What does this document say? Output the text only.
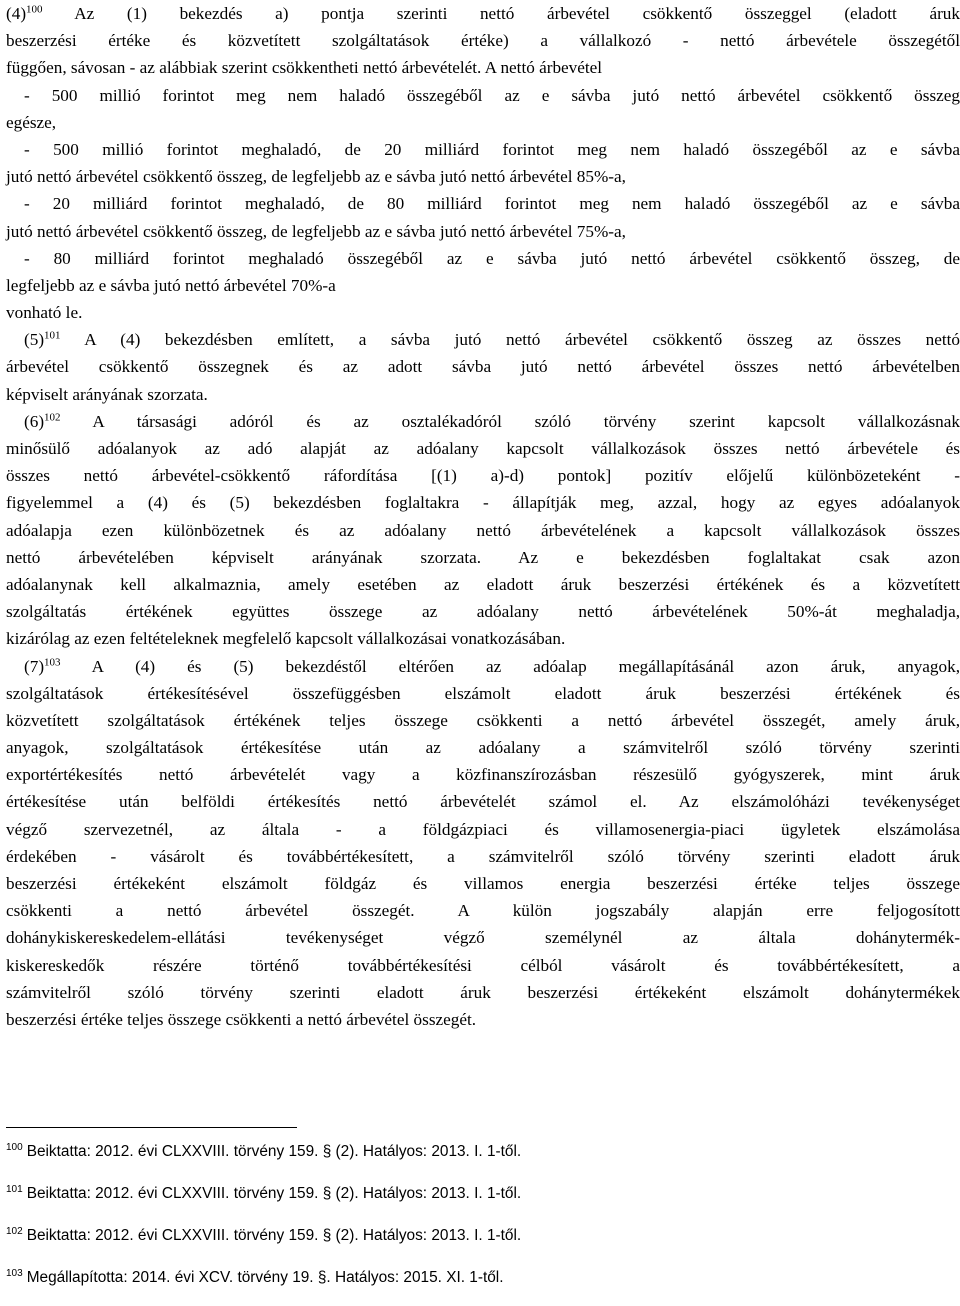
$(4)^{100}$ Az (1) bekezdés a) pontja szerinti nettó árbevétel csökkentő összeggel (eladott áruk
beszerzési értéke és közvetített szolgáltatások értéke) a vállalkozó - nettó árbevétele összegétől
függően, sávosan - az alábbiak szerint csökkentheti nettó árbevételét. A nettó árbevétel
- 500 millió forintot meg nem haladó összegéből az e sávba jutó nettó árbevétel csökkentő összeg
egésze,
- 500 millió forintot meghaladó, de 20 milliárd forintot meg nem haladó összegéből az e sávba
jutó nettó árbevétel csökkentő összeg, de legfeljebb az e sávba jutó nettó árbevétel 85%-a,
- 20 milliárd forintot meghaladó, de 80 milliárd forintot meg nem haladó összegéből az e sávba
jutó nettó árbevétel csökkentő összeg, de legfeljebb az e sávba jutó nettó árbevétel 75%-a,
- 80 milliárd forintot meghaladó összegéből az e sávba jutó nettó árbevétel csökkentő összeg, de
legfeljebb az e sávba jutó nettó árbevétel 70%-a
vonható le.
$(5)^{101}$ A (4) bekezdésben említett, a sávba jutó nettó árbevétel csökkentő összeg az összes nettó
árbevétel csökkentő összegnek és az adott sávba jutó nettó árbevétel összes nettó árbevételben
képviselt arányának szorzata.
$(6)^{102}$ A társasági adóról és az osztalékadóról szóló törvény szerint kapcsolt vállalkozásnak
minősülő adóalanyok az adó alapját az adóalany kapcsolt vállalkozások összes nettó árbevétele és
összes nettó árbevétel-csökkentő ráfordítása [(1) a)-d) pontok] pozitív előjelű különbözeteként -
figyelemmel a (4) és (5) bekezdésben foglaltakra - állapítják meg, azzal, hogy az egyes adóalanyok
adóalapja ezen különbözetnek és az adóalany nettó árbevételének a kapcsolt vállalkozások összes
nettó árbevételében képviselt arányának szorzata. Az e bekezdésben foglaltakat csak azon
adóalanynak kell alkalmaznia, amely esetében az eladott áruk beszerzési értékének és a közvetített
szolgáltatás értékének együttes összege az adóalany nettó árbevételének 50%-át meghaladja,
kizárólag az ezen feltételeknek megfelelő kapcsolt vállalkozásai vonatkozásában.
$(7)^{103}$ A (4) és (5) bekezdéstől eltérően az adóalap megállapításánál azon áruk, anyagok,
szolgáltatások értékesítésével összefüggésben elszámolt eladott áruk beszerzési értékének és
közvetített szolgáltatások értékének teljes összege csökkenti a nettó árbevétel összegét, amely áruk,
anyagok, szolgáltatások értékesítése után az adóalany a számvitelről szóló törvény szerinti
exportértékesítés nettó árbevételét vagy a közfinanszírozásban részesülő gyógyszerek, mint áruk
értékesítése után belföldi értékesítés nettó árbevételét számol el. Az elszámolóházi tevékenységet
végző szervezetnél, az általa - a földgázpiaci és villamosenergia-piaci ügyletek elszámolása
érdekében - vásárolt és továbbértékesített, a számvitelről szóló törvény szerinti eladott áruk
beszerzési értékeként elszámolt földgáz és villamos energia beszerzési értéke teljes összege
csökkenti a nettó árbevétel összegét. A külön jogszabály alapján erre feljogosított
dohánykiskereskedelem-ellátási tevékenységet végző személynél az általa dohánytermék-
kiskereskedők részére történő továbbértékesítési célból vásárolt és továbbértékesített, a
számvitelről szóló törvény szerinti eladott áruk beszerzési értékeként elszámolt dohánytermékek
beszerzési értéke teljes összege csökkenti a nettó árbevétel összegét.
$^{100}$ Beiktatta: 2012. évi CLXXVIII. törvény 159. § (2). Hatályos: 2013. I. 1-től.
$^{101}$ Beiktatta: 2012. évi CLXXVIII. törvény 159. § (2). Hatályos: 2013. I. 1-től.
$^{102}$ Beiktatta: 2012. évi CLXXVIII. törvény 159. § (2). Hatályos: 2013. I. 1-től.
$^{103}$ Megállapította: 2014. évi XCV. törvény 19. §. Hatályos: 2015. XI. 1-től.
